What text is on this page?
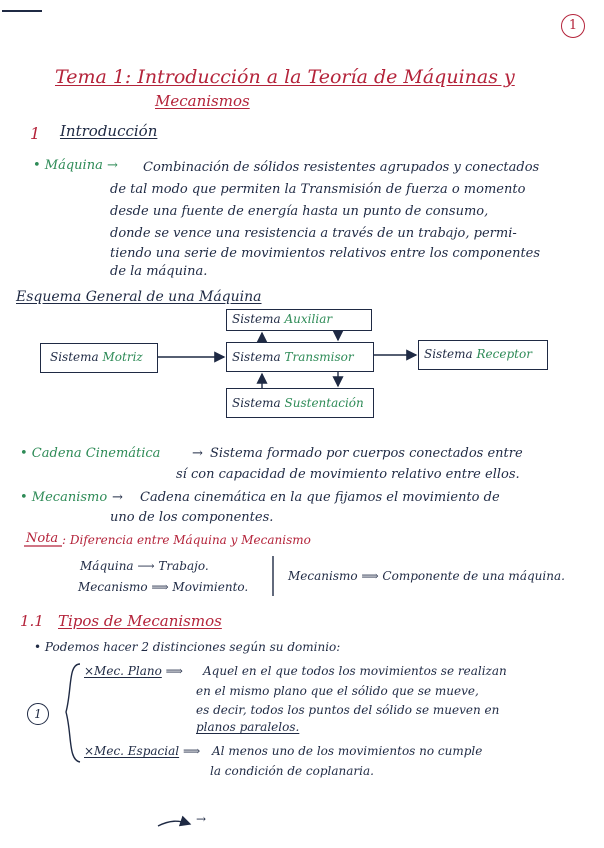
1
Tema 1: Introducción a la Teoría de Máquinas y
Mecanismos
1 Introducción
• Máquina → Combinación de sólidos resistentes agrupados y conectados
de tal modo que permiten la Transmisión de fuerza o momento
desde una fuente de energía hasta un punto de consumo,
donde se vence una resistencia a través de un trabajo, permi-
tiendo una serie de movimientos relativos entre los componentes
de la máquina.
Esquema General de una Máquina
Sistema Auxiliar
Sistema Motriz	Sistema Transmisor	Sistema Receptor
Sistema Sustentación
• Cadena Cinemática → Sistema formado por cuerpos conectados entre
sí con capacidad de movimiento relativo entre ellos.
• Mecanismo → Cadena cinemática en la que fijamos el movimiento de
uno de los componentes.
Nota : Diferencia entre Máquina y Mecanismo
Máquina ⟶ Trabajo.
Mecanismo ⟹ Movimiento.
Mecanismo ⟹ Componente de una máquina.
1.1 Tipos de Mecanismos
• Podemos hacer 2 distinciones según su dominio:
1
×Mec. Plano ⟹ Aquel en el que todos los movimientos se realizan
en el mismo plano que el sólido que se mueve,
es decir, todos los puntos del sólido se mueven en
planos paralelos.
×Mec. Espacial ⟹ Al menos uno de los movimientos no cumple
la condición de coplanaria.
→
